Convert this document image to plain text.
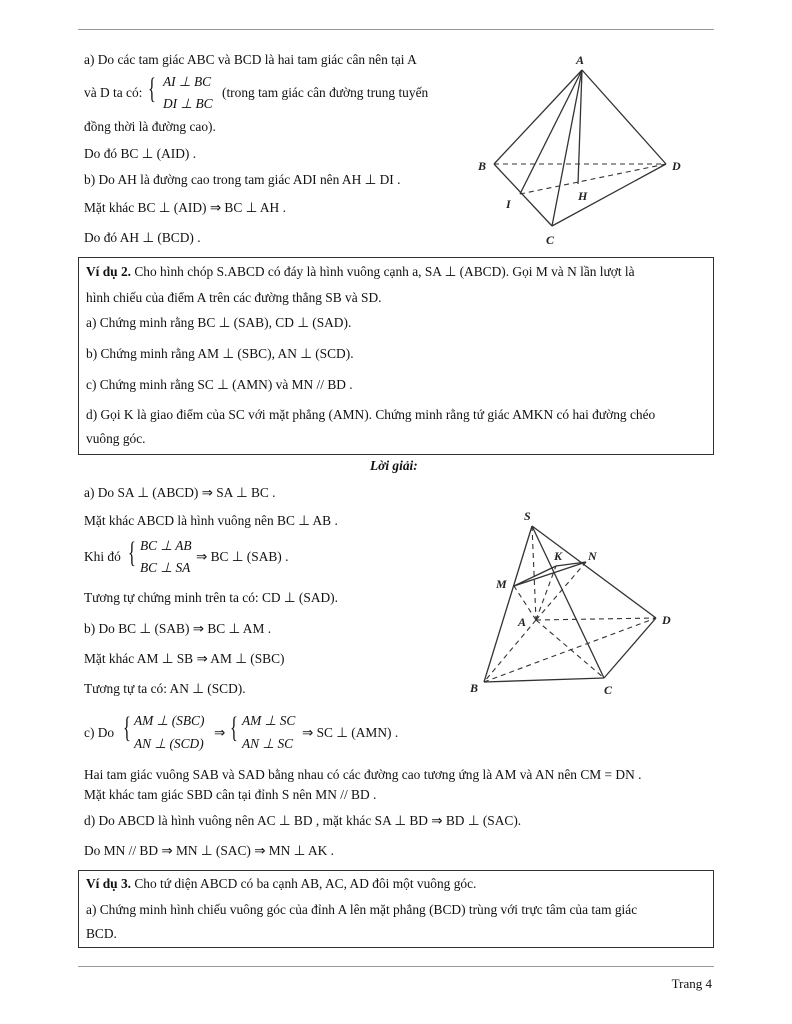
a) Do các tam giác ABC và BCD là hai tam giác cân nên tại A
và D ta có: { AI ⊥ BC
DI ⊥ BC
(trong tam giác cân đường trung tuyến
đồng thời là đường cao).
Do đó BC ⊥ (AID) .
b) Do AH là đường cao trong tam giác ADI nên AH ⊥ DI .
Mặt khác BC ⊥ (AID) ⇒ BC ⊥ AH .
Do đó AH ⊥ (BCD) .
A
B
C
D
H
I
Ví dụ 2. Cho hình chóp S.ABCD có đáy là hình vuông cạnh a, SA ⊥ (ABCD). Gọi M và N lần lượt là
hình chiếu của điểm A trên các đường thẳng SB và SD.
a) Chứng minh rằng BC ⊥ (SAB), CD ⊥ (SAD).
b) Chứng minh rằng AM ⊥ (SBC), AN ⊥ (SCD).
c) Chứng minh rằng SC ⊥ (AMN) và MN // BD .
d) Gọi K là giao điểm của SC với mặt phẳng (AMN). Chứng minh rằng tứ giác AMKN có hai đường chéo
vuông góc.
Lời giải:
a) Do SA ⊥ (ABCD) ⇒ SA ⊥ BC .
Mặt khác ABCD là hình vuông nên BC ⊥ AB .
Khi đó { BC ⊥ AB
BC ⊥ SA
⇒ BC ⊥ (SAB) .
Tương tự chứng minh trên ta có: CD ⊥ (SAD).
b) Do BC ⊥ (SAB) ⇒ BC ⊥ AM .
Mặt khác AM ⊥ SB ⇒ AM ⊥ (SBC)
Tương tự ta có: AN ⊥ (SCD).
c) Do { AM ⊥ (SBC)
AN ⊥ (SCD)
⇒ { AM ⊥ SC
AN ⊥ SC
⇒ SC ⊥ (AMN) .
Hai tam giác vuông SAB và SAD bằng nhau có các đường cao tương ứng là AM và AN nên CM = DN .
Mặt khác tam giác SBD cân tại đỉnh S nên MN // BD .
d) Do ABCD là hình vuông nên AC ⊥ BD , mặt khác SA ⊥ BD ⇒ BD ⊥ (SAC).
Do MN // BD ⇒ MN ⊥ (SAC) ⇒ MN ⊥ AK .
S
A
B	C
D
M
N
K
Ví dụ 3. Cho tứ diện ABCD có ba cạnh AB, AC, AD đôi một vuông góc.
a) Chứng minh hình chiếu vuông góc của đỉnh A lên mặt phẳng (BCD) trùng với trực tâm của tam giác
BCD.
Trang 4
